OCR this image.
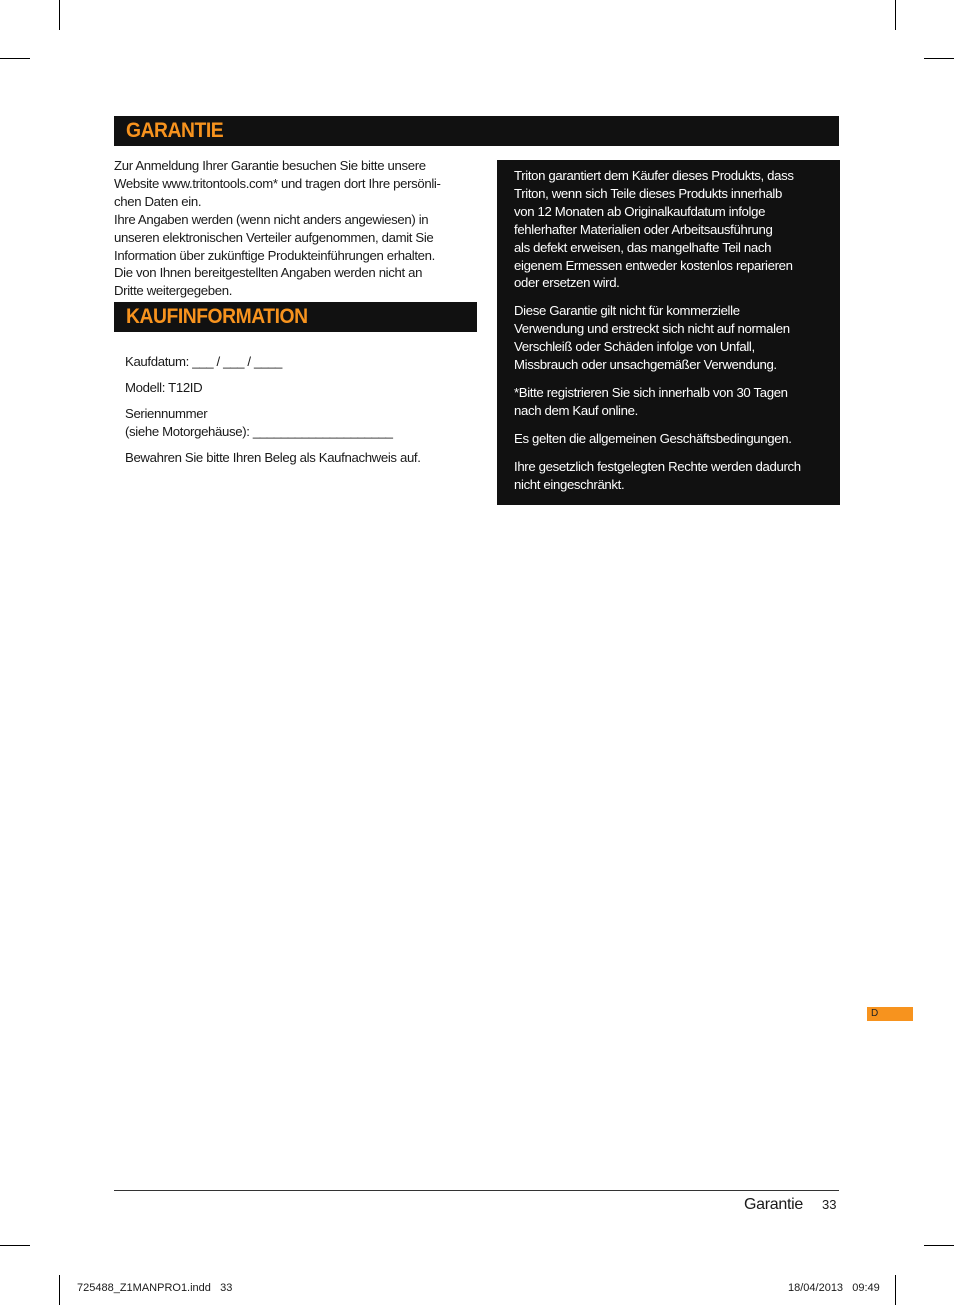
GARANTIE

Zur Anmeldung Ihrer Garantie besuchen Sie bitte unsere

Website www.tritontools.com* und tragen dort Ihre persönli-

chen Daten ein.

Ihre Angaben werden (wenn nicht anders angewiesen) in

unseren elektronischen Verteiler aufgenommen, damit Sie

Information über zukünftige Produkteinführungen erhalten.

Die von Ihnen bereitgestellten Angaben werden nicht an

Dritte weitergegeben.

KAUFINFORMATION
Kaufdatum: ___ / ___ / ____
Modell: T12ID
Seriennummer
(siehe Motorgehäuse): ____________________
Bewahren Sie bitte Ihren Beleg als Kaufnachweis auf.

Triton garantiert dem Käufer dieses Produkts, dass
Triton, wenn sich Teile dieses Produkts innerhalb
von 12 Monaten ab Originalkaufdatum infolge
fehlerhafter Materialien oder Arbeitsausführung
als defekt erweisen, das mangelhafte Teil nach
eigenem Ermessen entweder kostenlos reparieren
oder ersetzen wird.

Diese Garantie gilt nicht für kommerzielle
Verwendung und erstreckt sich nicht auf normalen
Verschleiß oder Schäden infolge von Unfall,
Missbrauch oder unsachgemäßer Verwendung.

*Bitte registrieren Sie sich innerhalb von 30 Tagen
nach dem Kauf online.

Es gelten die allgemeinen Geschäftsbedingungen.

Ihre gesetzlich festgelegten Rechte werden dadurch
nicht eingeschränkt.

D
Garantie 33
725488_Z1MANPRO1.indd   33	18/04/2013   09:49
